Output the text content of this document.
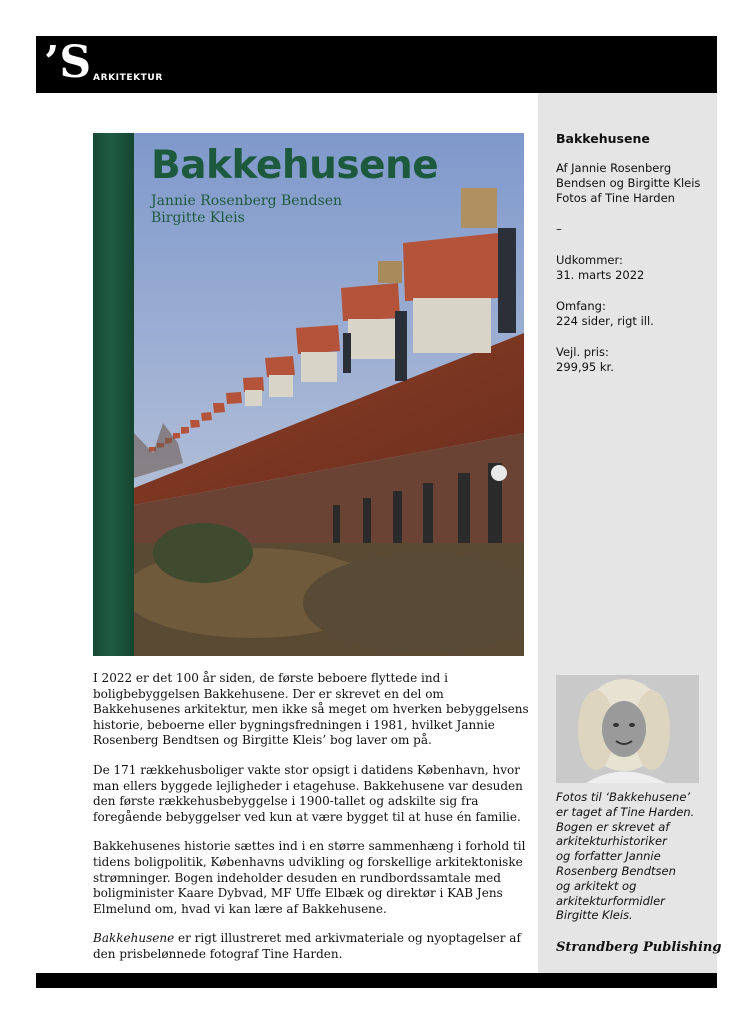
’S ARKITEKTUR
Bakkehusene
Af Jannie Rosenberg
Bendsen og Birgitte Kleis
Fotos af Tine Harden
–
Udkommer:
31. marts 2022
Omfang:
224 sider, rigt ill.
Vejl. pris:
299,95 kr.
Bakkehusene
Jannie Rosenberg Bendsen
Birgitte Kleis

I 2022 er det 100 år siden, de første beboere flyttede ind i boligbebyggelsen Bakkehusene. Der er skrevet en del om Bakkehusenes arkitektur, men ikke så meget om hverken bebyggelsens historie, beboerne eller bygningsfredningen i 1981, hvilket Jannie Rosenberg Bendtsen og Birgitte Kleis’ bog laver om på.

De 171 rækkehusboliger vakte stor opsigt i datidens København, hvor man ellers byggede lejligheder i etagehuse. Bakkehusene var desuden den første rækkehusbebyggelse i 1900-tallet og adskilte sig fra foregående bebyggelser ved kun at være bygget til at huse én familie.

Bakkehusenes historie sættes ind i en større sammenhæng i forhold til tidens boligpolitik, Københavns udvikling og forskellige arkitektoniske strømninger. Bogen indeholder desuden en rundbordssamtale med boligminister Kaare Dybvad, MF Uffe Elbæk og direktør i KAB Jens Elmelund om, hvad vi kan lære af Bakkehusene.

Bakkehusene er rigt illustreret med arkivmateriale og nyoptagelser af den prisbelønnede fotograf Tine Harden.

Fotos til ‘Bakkehusene’
er taget af Tine Harden.
Bogen er skrevet af
arkitekturhistoriker
og forfatter Jannie
Rosenberg Bendtsen
og arkitekt og
arkitekturformidler
Birgitte Kleis.
Strandberg Publishing
